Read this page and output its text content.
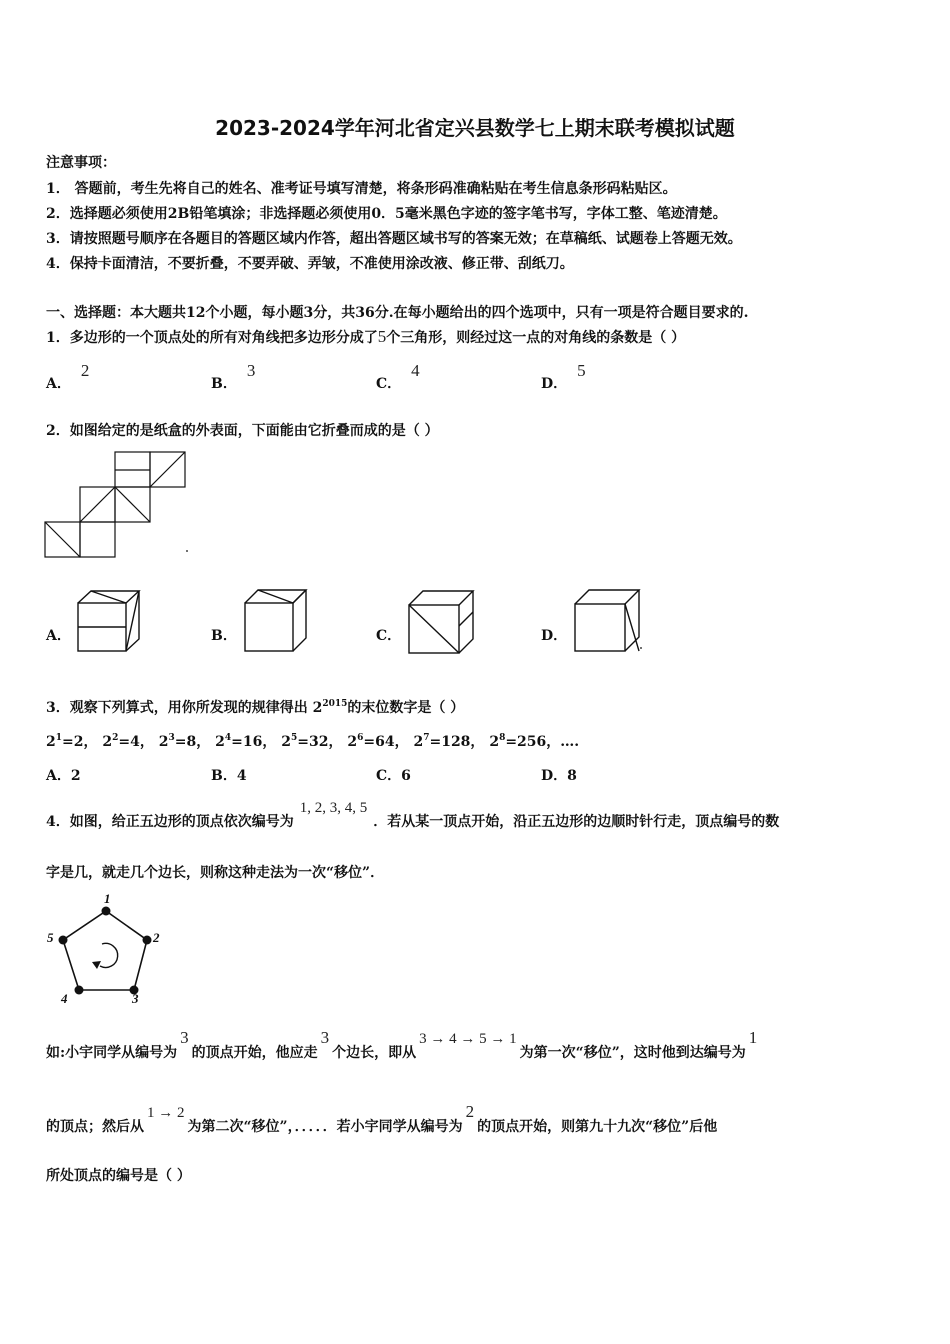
2023-2024学年河北省定兴县数学七上期末联考模拟试题
注意事项：
1． 答题前，考生先将自己的姓名、准考证号填写清楚，将条形码准确粘贴在考生信息条形码粘贴区。
2．选择题必须使用2B铅笔填涂；非选择题必须使用0．5毫米黑色字迹的签字笔书写，字体工整、笔迹清楚。
3．请按照题号顺序在各题目的答题区域内作答，超出答题区域书写的答案无效；在草稿纸、试题卷上答题无效。
4．保持卡面清洁，不要折叠，不要弄破、弄皱，不准使用涂改液、修正带、刮纸刀。
一、选择题：本大题共12个小题，每小题3分，共36分.在每小题给出的四个选项中，只有一项是符合题目要求的.
1．多边形的一个顶点处的所有对角线把多边形分成了5个三角形，则经过这一点的对角线的条数是（ ）
A．2
B．3
C．4
D．5
2．如图给定的是纸盒的外表面，下面能由它折叠而成的是（ ）
A．	B．	C．	D．
3．观察下列算式，用你所发现的规律得出 $2^{2015}$的末位数字是（ ）
$2^1=2$， $2^2=4$， $2^3=8$， $2^4=16$， $2^5=32$， $2^6=64$， $2^7=128$， $2^8=256$，….
A．2	B．4	C．6	D．8
4．如图，给正五边形的顶点依次编号为1, 2, 3, 4, 5．若从某一顶点开始，沿正五边形的边顺时针行走，顶点编号的数
字是几，就走几个边长，则称这种走法为一次“移位”．
1
2
3
4
5
如:小宇同学从编号为3的顶点开始，他应走3个边长，即从3 → 4 → 5 → 1为第一次“移位”，这时他到达编号为1
的顶点；然后从1 → 2为第二次“移位”，．．．．．若小宇同学从编号为2的顶点开始，则第九十九次“移位”后他
所处顶点的编号是（ ）
